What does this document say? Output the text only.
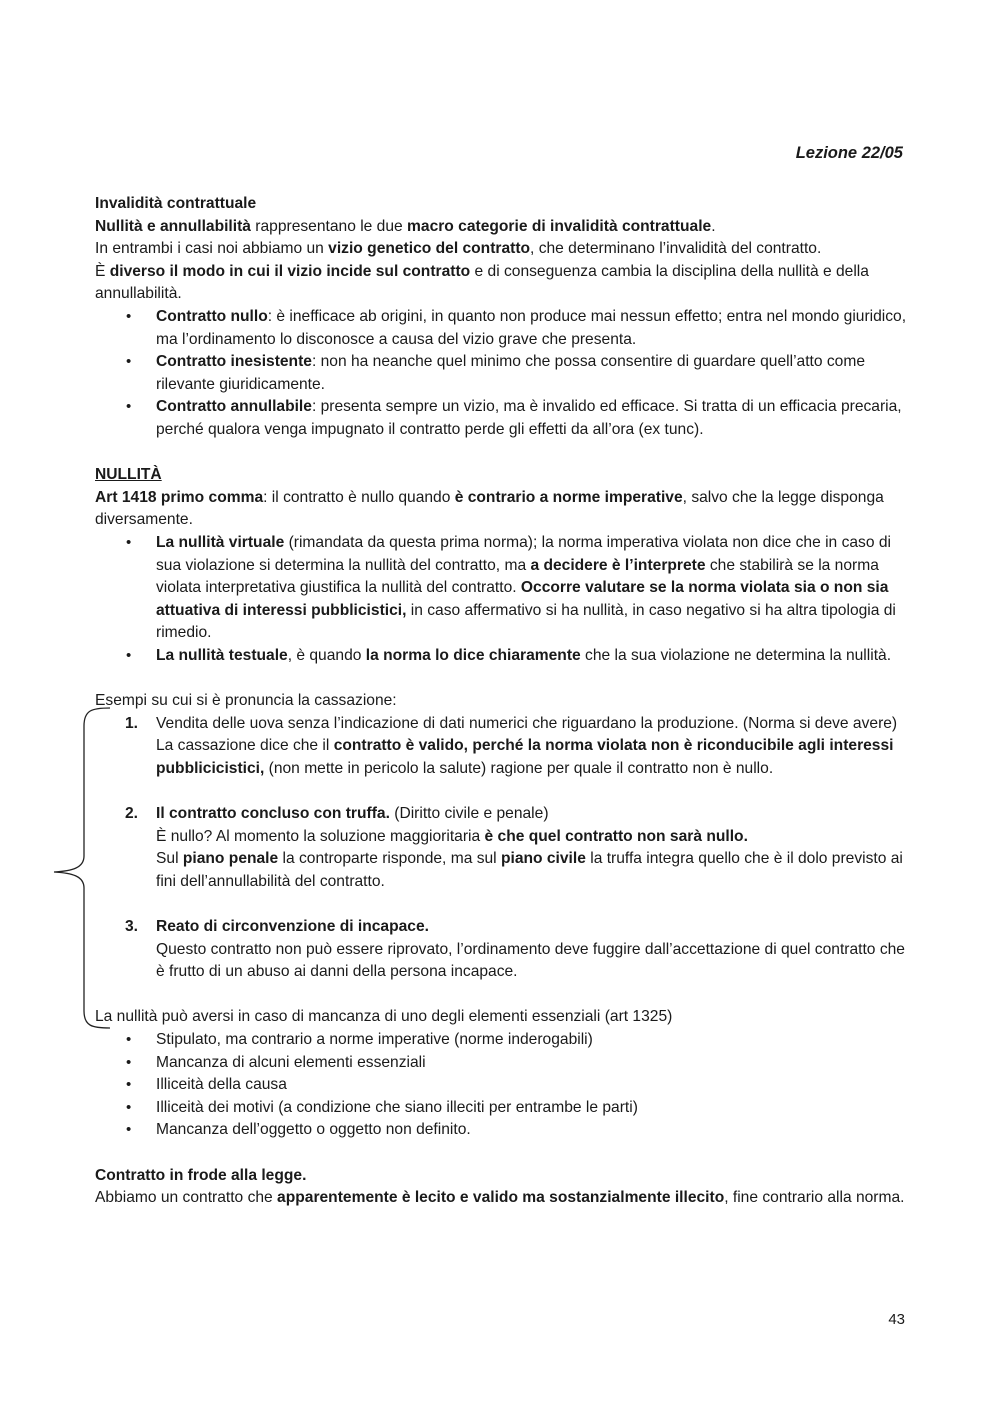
Lezione 22/05

Invalidità contrattuale

Nullità e annullabilità rappresentano le due macro categorie di invalidità contrattuale.

In entrambi i casi noi abbiamo un vizio genetico del contratto, che determinano l’invalidità del contratto.

È diverso il modo in cui il vizio incide sul contratto e di conseguenza cambia la disciplina della nullità e della annullabilità.

• Contratto nullo: è inefficace ab origini, in quanto non produce mai nessun effetto; entra nel mondo giuridico, ma l’ordinamento lo disconosce a causa del vizio grave che presenta.
• Contratto inesistente: non ha neanche quel minimo che possa consentire di guardare quell’atto come rilevante giuridicamente.
• Contratto annullabile: presenta sempre un vizio, ma è invalido ed efficace. Si tratta di un efficacia precaria, perché qualora venga impugnato il contratto perde gli effetti da all’ora (ex tunc).

NULLITÀ

Art 1418 primo comma: il contratto è nullo quando è contrario a norme imperative, salvo che la legge disponga diversamente.

• La nullità virtuale (rimandata da questa prima norma); la norma imperativa violata non dice che in caso di sua violazione si determina la nullità del contratto, ma a decidere è l’interprete che stabilirà se la norma violata interpretativa giustifica la nullità del contratto. Occorre valutare se la norma violata sia o non sia attuativa di interessi pubblicistici, in caso affermativo si ha nullità, in caso negativo si ha altra tipologia di rimedio.
• La nullità testuale, è quando la norma lo dice chiaramente che la sua violazione ne determina la nullità.

Esempi su cui si è pronuncia la cassazione:

1. Vendita delle uova senza l’indicazione di dati numerici che riguardano la produzione. (Norma si deve avere)

La cassazione dice che il contratto è valido, perché la norma violata non è riconducibile agli interessi pubblicicistici, (non mette in pericolo la salute) ragione per quale il contratto non è nullo.

2. Il contratto concluso con truffa. (Diritto civile e penale)

È nullo? Al momento la soluzione maggioritaria è che quel contratto non sarà nullo.

Sul piano penale la controparte risponde, ma sul piano civile la truffa integra quello che è il dolo previsto ai fini dell’annullabilità del contratto.

3. Reato di circonvenzione di incapace.

Questo contratto non può essere riprovato, l’ordinamento deve fuggire dall’accettazione di quel contratto che è frutto di un abuso ai danni della persona incapace.

La nullità può aversi in caso di mancanza di uno degli elementi essenziali (art 1325)

• Stipulato, ma contrario a norme imperative (norme inderogabili)
• Mancanza di alcuni elementi essenziali
• Illiceità della causa
• Illiceità dei motivi (a condizione che siano illeciti per entrambe le parti)
• Mancanza dell’oggetto o oggetto non definito.

Contratto in frode alla legge.

Abbiamo un contratto che apparentemente è lecito e valido ma sostanzialmente illecito, fine contrario alla norma.

43
